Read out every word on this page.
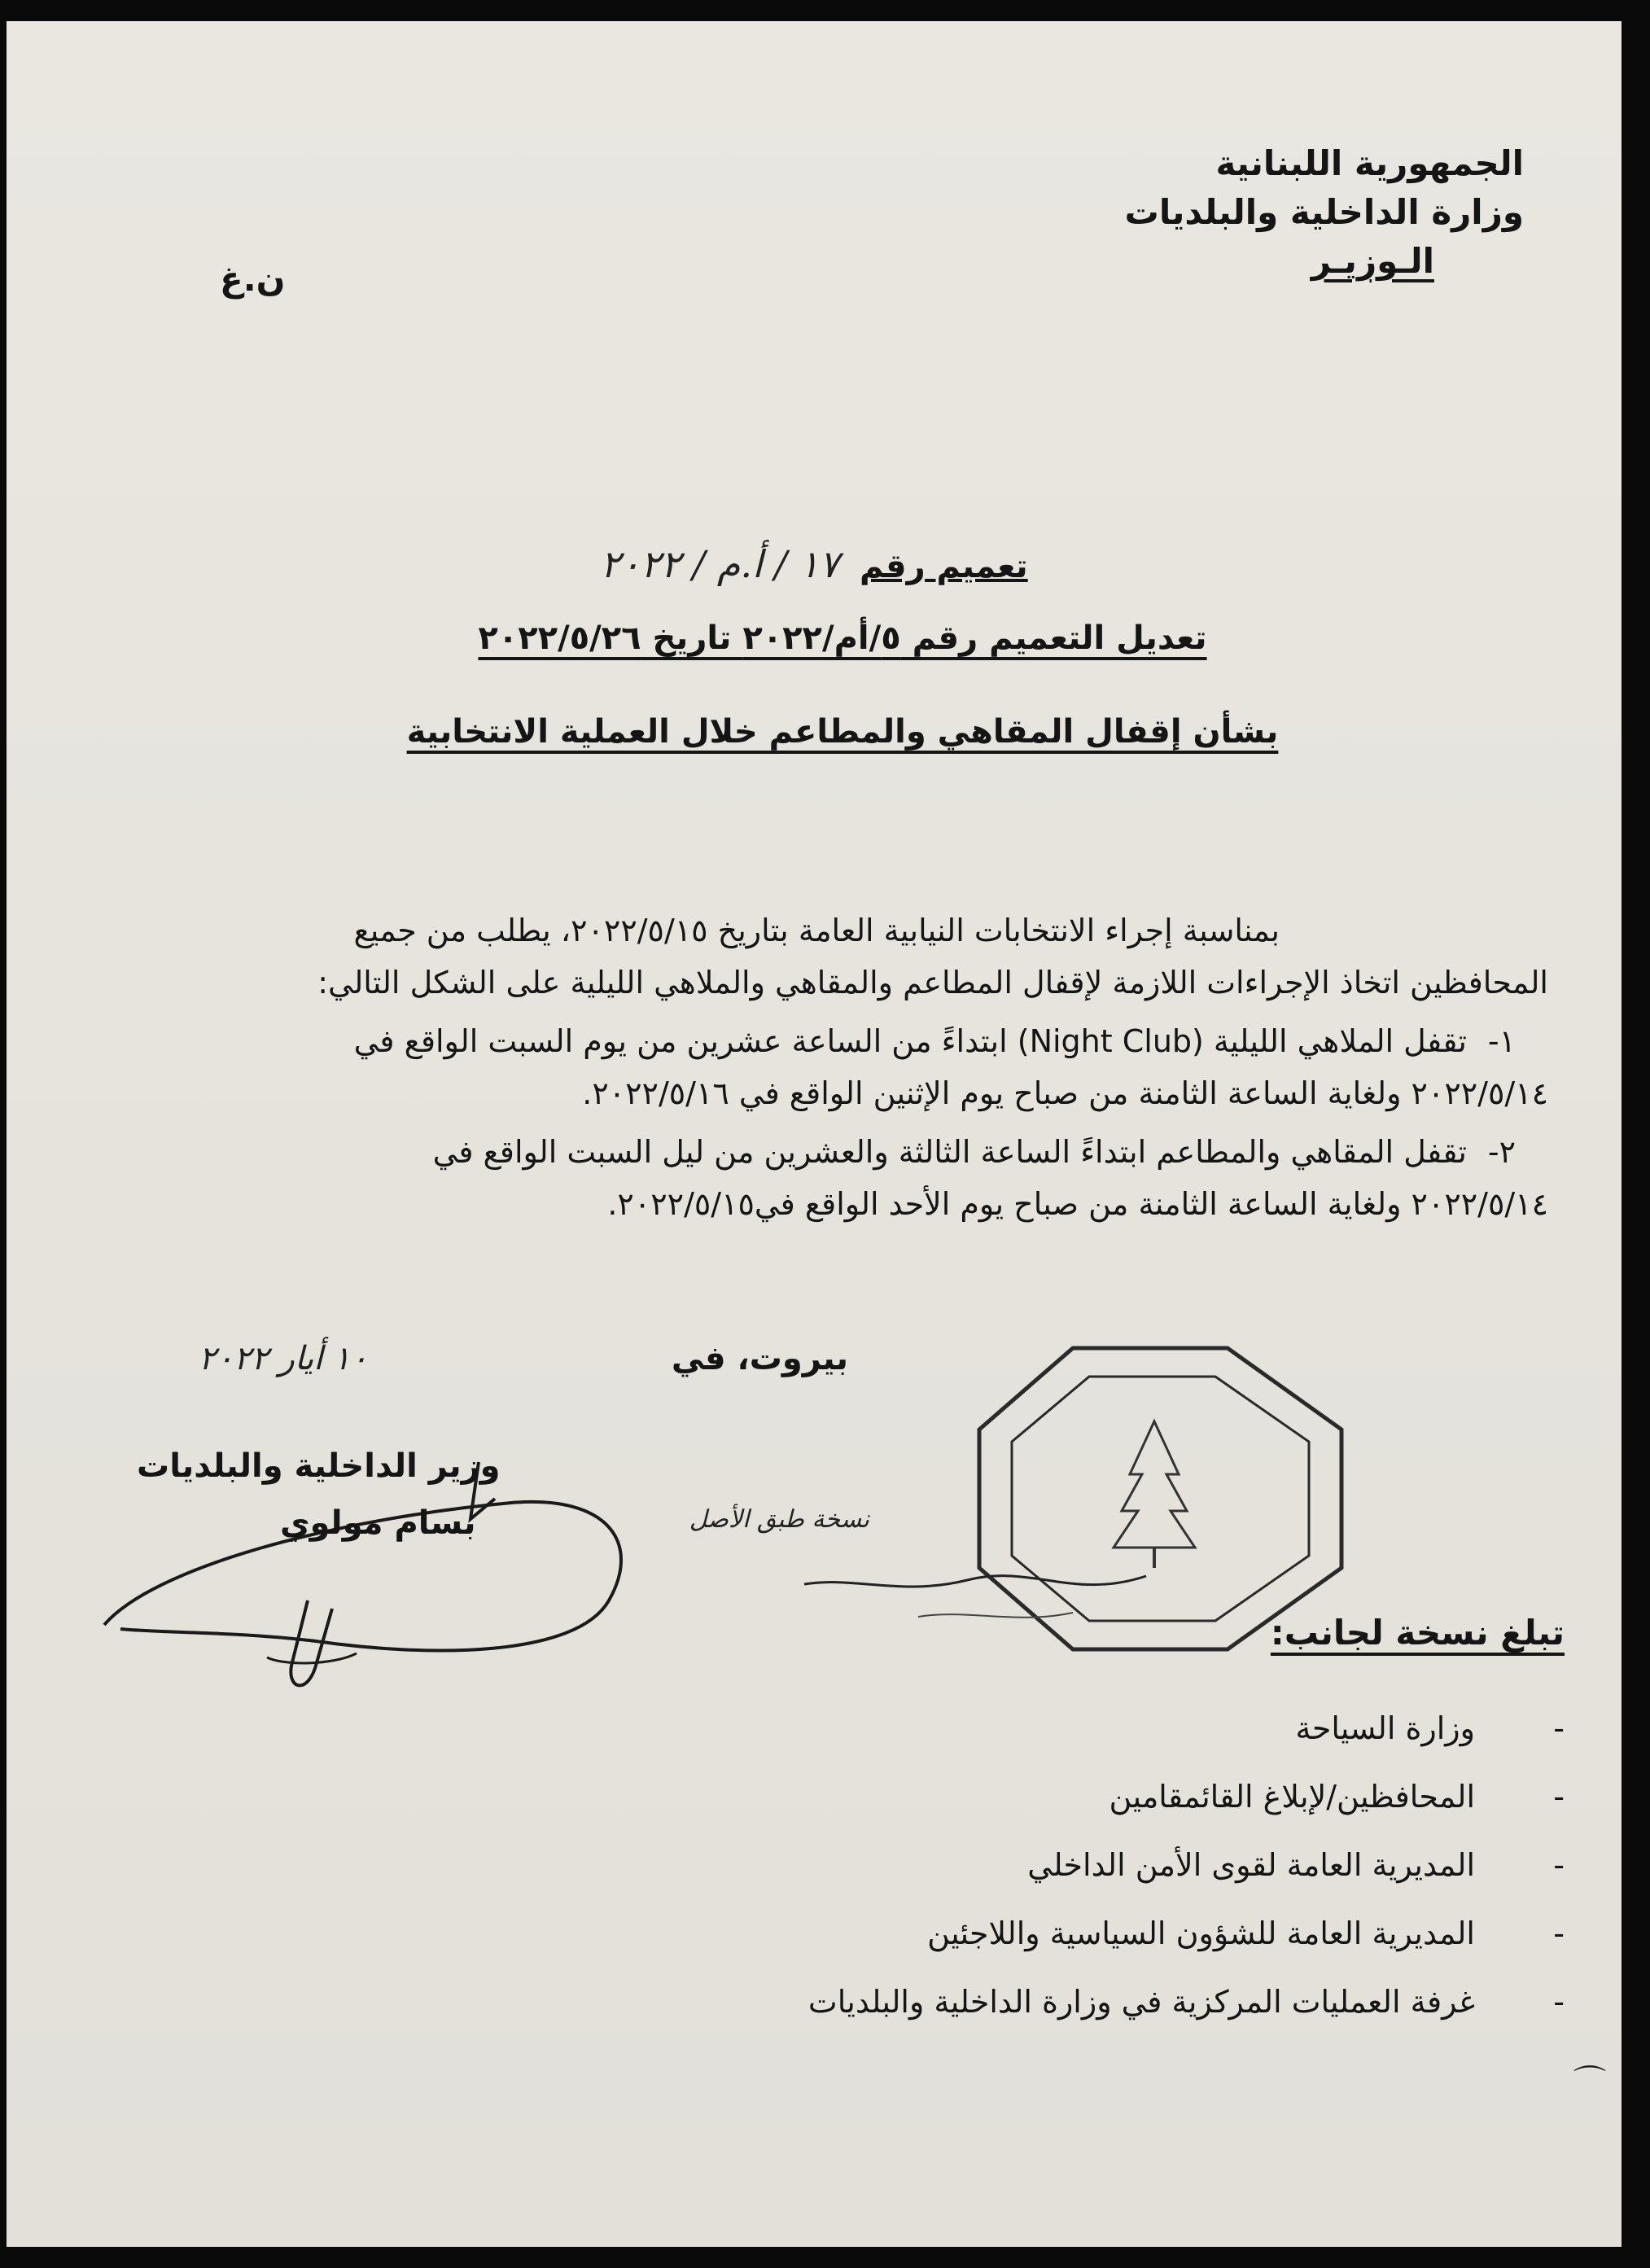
الجمهورية اللبنانية
وزارة الداخلية والبلديات
الـوزيـر
ن.غ
تعميم رقم ١٧ / أ.م / ٢٠٢٢
تعديل التعميم رقم ٥/أم/٢٠٢٢ تاريخ ٢٠٢٢/٥/٢٦
بشأن إقفال المقاهي والمطاعم خلال العملية الانتخابية

بمناسبة إجراء الانتخابات النيابية العامة بتاريخ ٢٠٢٢/٥/١٥، يطلب من جميع

المحافظين اتخاذ الإجراءات اللازمة لإقفال المطاعم والمقاهي والملاهي الليلية على الشكل التالي:

١-تقفل الملاهي الليلية (Night Club) ابتداءً من الساعة عشرين من يوم السبت الواقع في

٢٠٢٢/٥/١٤ ولغاية الساعة الثامنة من صباح يوم الإثنين الواقع في ٢٠٢٢/٥/١٦.

٢-تقفل المقاهي والمطاعم ابتداءً الساعة الثالثة والعشرين من ليل السبت الواقع في

٢٠٢٢/٥/١٤ ولغاية الساعة الثامنة من صباح يوم الأحد الواقع في٢٠٢٢/٥/١٥.

بيروت، في
١٠ أيار ٢٠٢٢
نسخة طبق الأصل
وزير الداخلية والبلديات
بسام مولوي
تبلغ نسخة لجانب:
- وزارة السياحة
- المحافظين/لإبلاغ القائمقامين
- المديرية العامة لقوى الأمن الداخلي
- المديرية العامة للشؤون السياسية واللاجئين
- غرفة العمليات المركزية في وزارة الداخلية والبلديات
⌒
